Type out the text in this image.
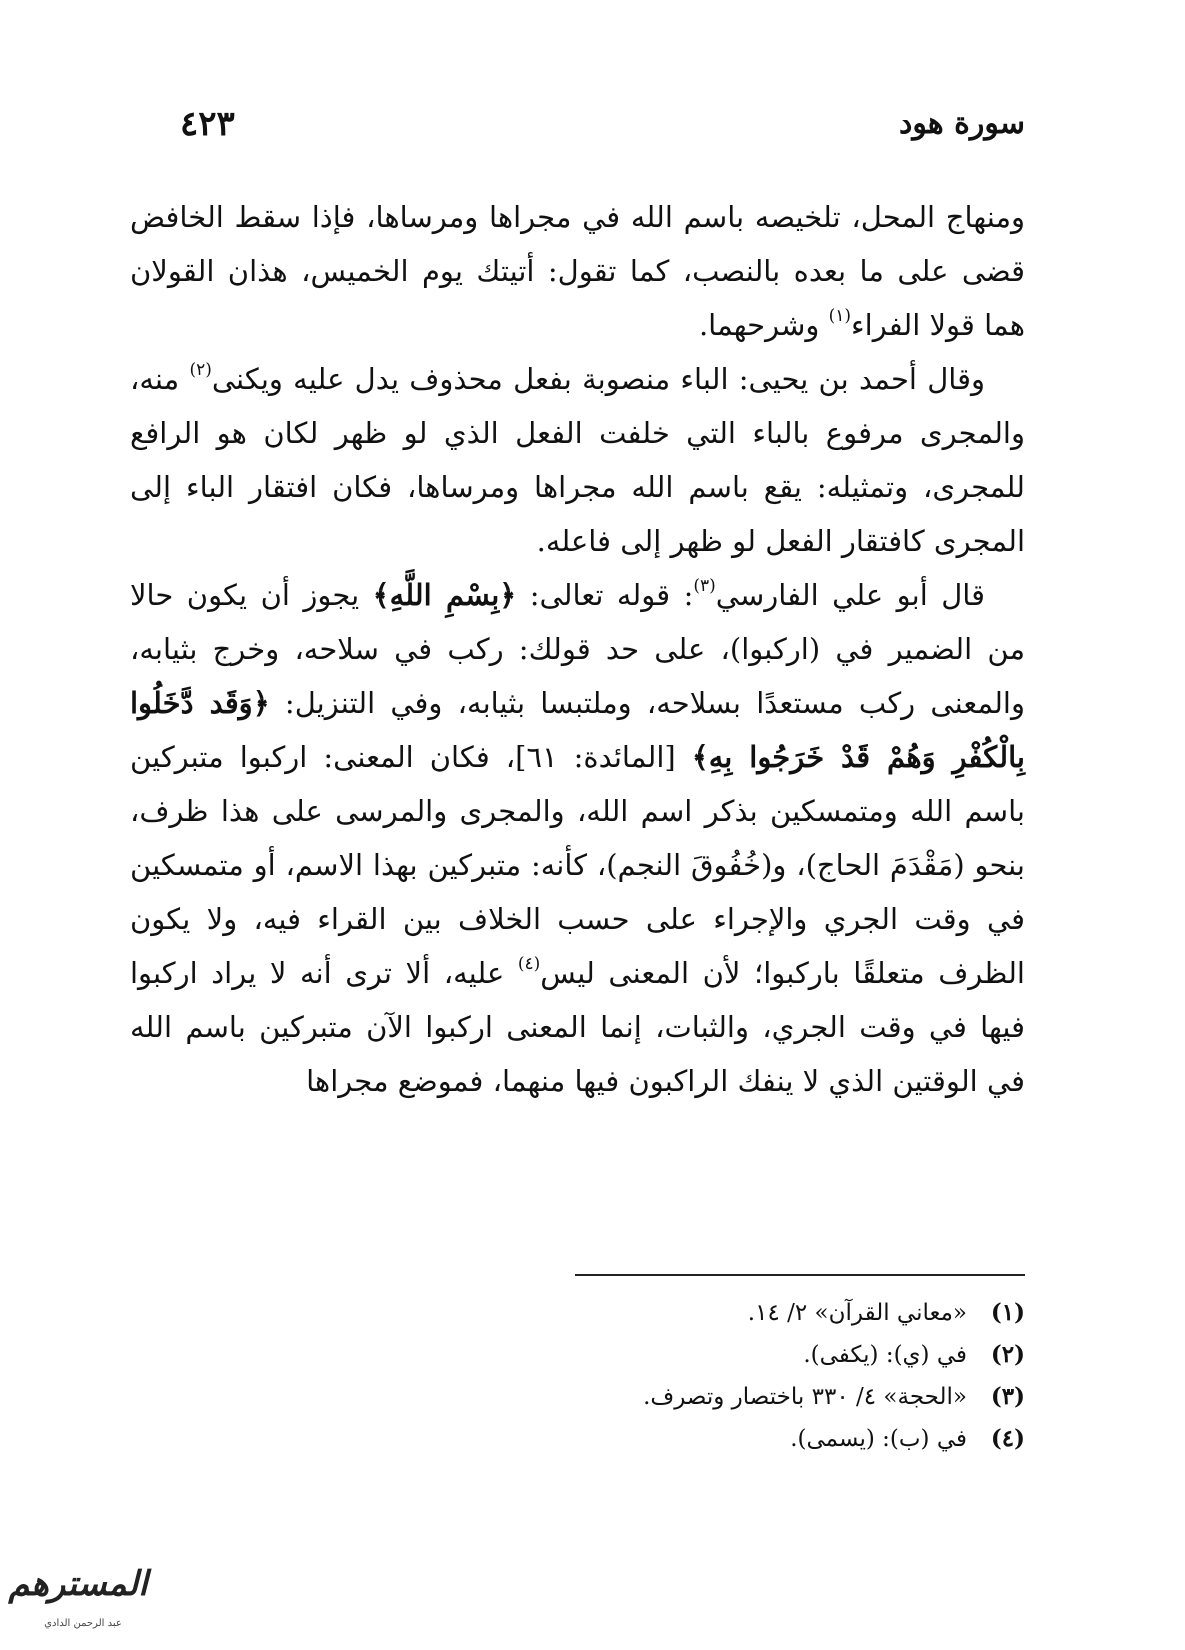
سورة هود
٤٢٣

ومنهاج المحل، تلخيصه باسم الله في مجراها ومرساها، فإذا سقط الخافض قضى على ما بعده بالنصب، كما تقول: أتيتك يوم الخميس، هذان القولان هما قولا الفراء$^{(١)}$ وشرحهما.

وقال أحمد بن يحيى: الباء منصوبة بفعل محذوف يدل عليه ويكنى$^{(٢)}$ منه، والمجرى مرفوع بالباء التي خلفت الفعل الذي لو ظهر لكان هو الرافع للمجرى، وتمثيله: يقع باسم الله مجراها ومرساها، فكان افتقار الباء إلى المجرى كافتقار الفعل لو ظهر إلى فاعله.

قال أبو علي الفارسي$^{(٣)}$: قوله تعالى: ﴿بِسْمِ اللَّهِ﴾ يجوز أن يكون حالا من الضمير في (اركبوا)، على حد قولك: ركب في سلاحه، وخرج بثيابه، والمعنى ركب مستعدًا بسلاحه، وملتبسا بثيابه، وفي التنزيل: ﴿وَقَد دَّخَلُوا بِالْكُفْرِ وَهُمْ قَدْ خَرَجُوا بِهِ﴾ [المائدة: ٦١]، فكان المعنى: اركبوا متبركين باسم الله ومتمسكين بذكر اسم الله، والمجرى والمرسى على هذا ظرف، بنحو (مَقْدَمَ الحاج)، و(خُفُوقَ النجم)، كأنه: متبركين بهذا الاسم، أو متمسكين في وقت الجري والإجراء على حسب الخلاف بين القراء فيه، ولا يكون الظرف متعلقًا باركبوا؛ لأن المعنى ليس$^{(٤)}$ عليه، ألا ترى أنه لا يراد اركبوا فيها في وقت الجري، والثبات، إنما المعنى اركبوا الآن متبركين باسم الله في الوقتين الذي لا ينفك الراكبون فيها منهما، فموضع مجراها

(١)
«معاني القرآن» ٢/ ١٤.
(٢)
في (ي): (يكفى).
(٣)
«الحجة» ٤/ ٣٣٠ باختصار وتصرف.
(٤)
في (ب): (يسمى).
المسترهم
عبد الرحمن الدادي
